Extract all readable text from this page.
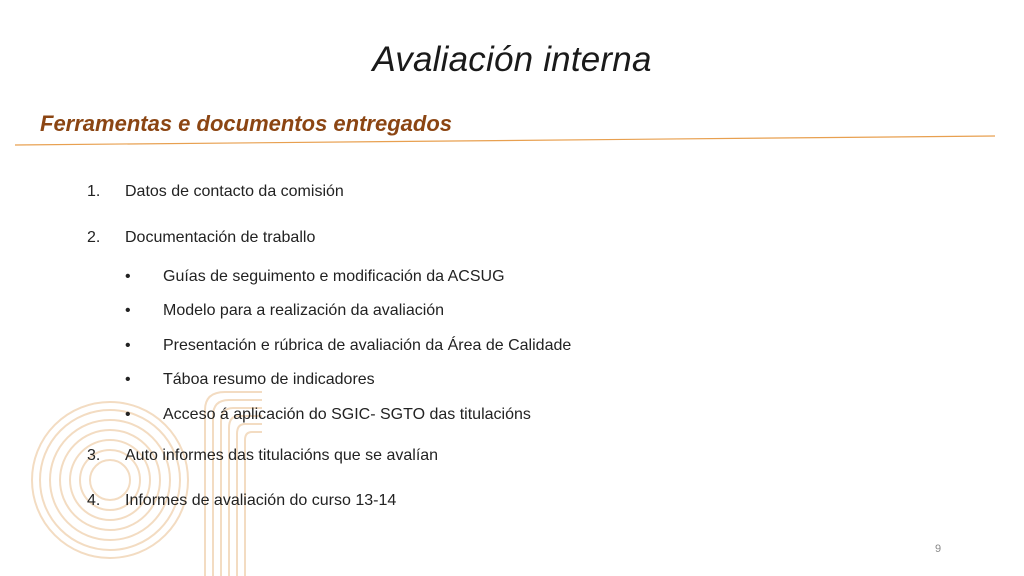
Avaliación interna
Ferramentas e documentos entregados
1. Datos de contacto da comisión
2. Documentación de traballo
• Guías de seguimento e modificación da ACSUG
• Modelo para a realización da avaliación
• Presentación e rúbrica de avaliación da Área de Calidade
• Táboa resumo de indicadores
• Acceso á aplicación do SGIC- SGTO das titulacións
3. Auto informes das titulacións que se avalían
4. Informes de avaliación do curso 13-14
9
